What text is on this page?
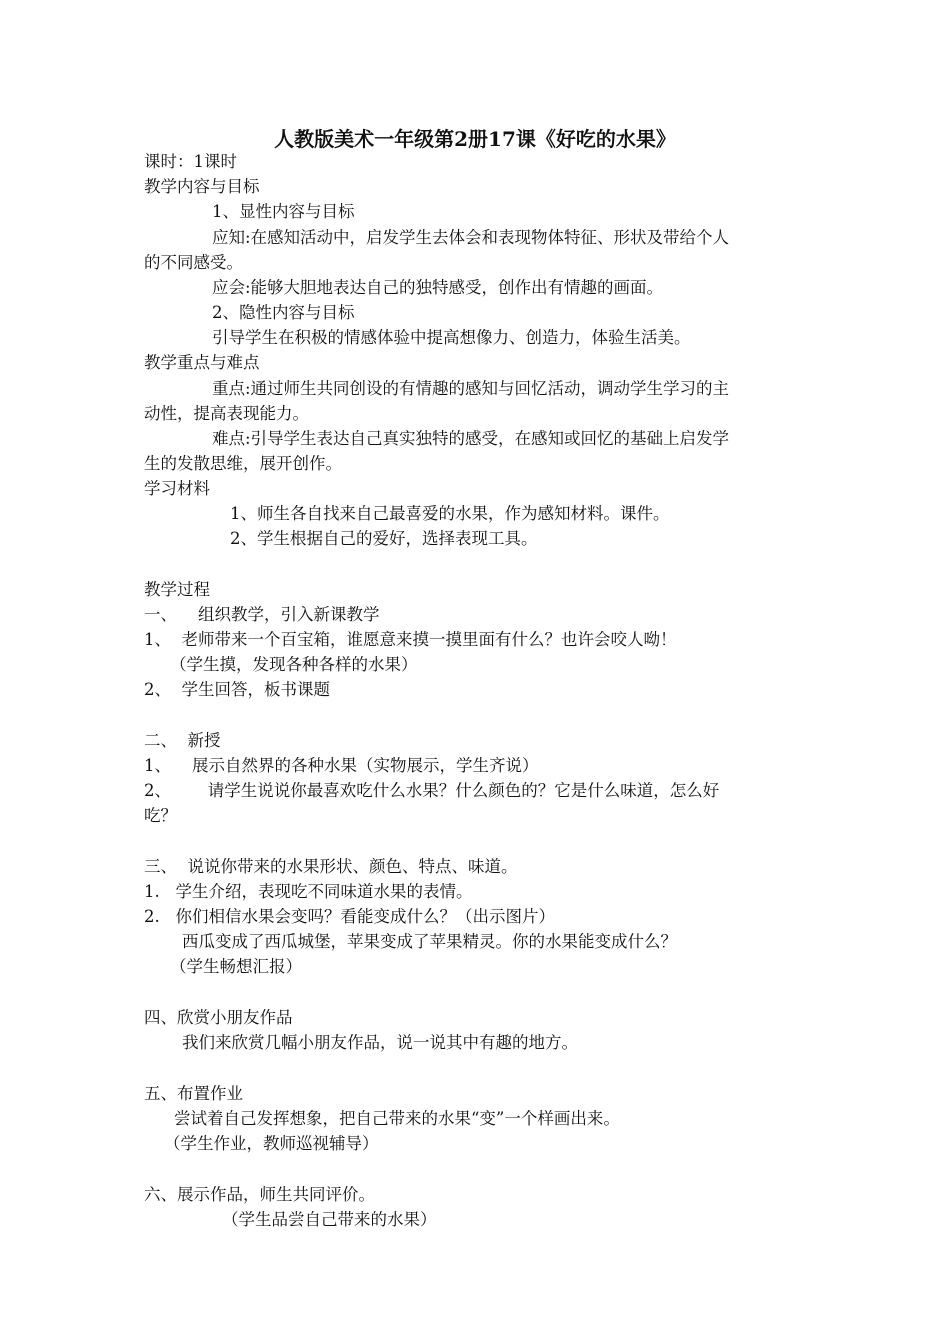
人教版美术一年级第2册17课《好吃的水果》
课时：1课时
教学内容与目标
1、显性内容与目标
应知:在感知活动中，启发学生去体会和表现物体特征、形状及带给个人
的不同感受。
应会:能够大胆地表达自己的独特感受，创作出有情趣的画面。
2、隐性内容与目标
引导学生在积极的情感体验中提高想像力、创造力，体验生活美。
教学重点与难点
重点:通过师生共同创设的有情趣的感知与回忆活动，调动学生学习的主
动性，提高表现能力。
难点:引导学生表达自己真实独特的感受，在感知或回忆的基础上启发学
生的发散思维，展开创作。
学习材料
1、师生各自找来自己最喜爱的水果，作为感知材料。课件。
2、学生根据自己的爱好，选择表现工具。
教学过程
一、    组织教学，引入新课教学
1、  老师带来一个百宝箱，谁愿意来摸一摸里面有什么？也许会咬人呦！
（学生摸，发现各种各样的水果）
2、  学生回答，板书课题
二、  新授
1、    展示自然界的各种水果（实物展示，学生齐说）
2、       请学生说说你最喜欢吃什么水果？什么颜色的？它是什么味道，怎么好
吃？
三、  说说你带来的水果形状、颜色、特点、味道。
1.   学生介绍，表现吃不同味道水果的表情。
2.   你们相信水果会变吗？看能变成什么？（出示图片）
西瓜变成了西瓜城堡，苹果变成了苹果精灵。你的水果能变成什么？
（学生畅想汇报）
四、欣赏小朋友作品
我们来欣赏几幅小朋友作品，说一说其中有趣的地方。
五、布置作业
尝试着自己发挥想象，把自己带来的水果“变”一个样画出来。
（学生作业，教师巡视辅导）
六、展示作品，师生共同评价。
（学生品尝自己带来的水果）
